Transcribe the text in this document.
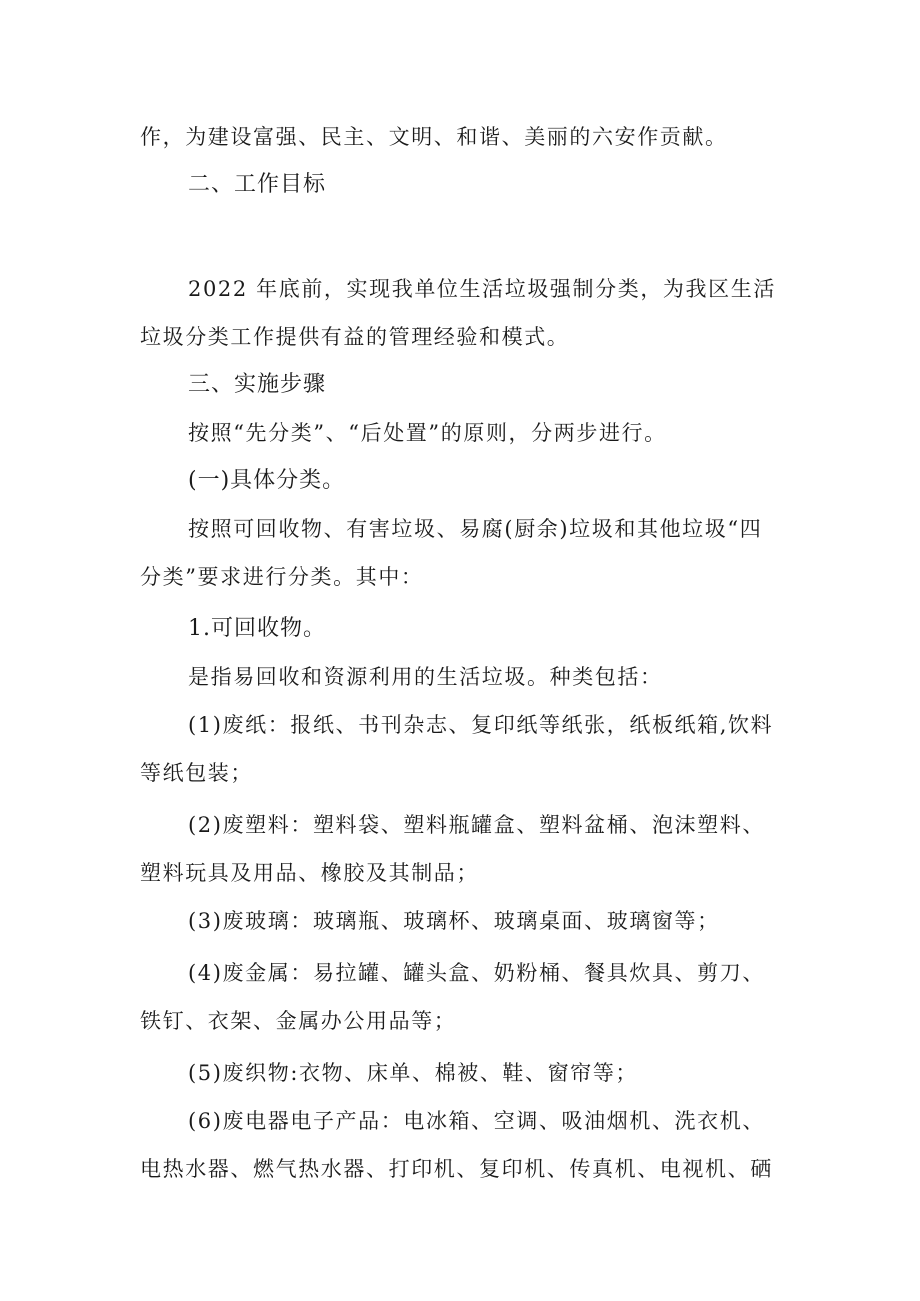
作，为建设富强、民主、文明、和谐、美丽的六安作贡献。
二、工作目标
2022 年底前，实现我单位生活垃圾强制分类，为我区生活
垃圾分类工作提供有益的管理经验和模式。
三、实施步骤
按照“先分类”、“后处置”的原则，分两步进行。
(一)具体分类。
按照可回收物、有害垃圾、易腐(厨余)垃圾和其他垃圾“四
分类”要求进行分类。其中：
1.可回收物。
是指易回收和资源利用的生活垃圾。种类包括：
(1)废纸：报纸、书刊杂志、复印纸等纸张，纸板纸箱,饮料
等纸包装；
(2)废塑料：塑料袋、塑料瓶罐盒、塑料盆桶、泡沫塑料、
塑料玩具及用品、橡胶及其制品；
(3)废玻璃：玻璃瓶、玻璃杯、玻璃桌面、玻璃窗等；
(4)废金属：易拉罐、罐头盒、奶粉桶、餐具炊具、剪刀、
铁钉、衣架、金属办公用品等；
(5)废织物:衣物、床单、棉被、鞋、窗帘等；
(6)废电器电子产品：电冰箱、空调、吸油烟机、洗衣机、
电热水器、燃气热水器、打印机、复印机、传真机、电视机、硒
